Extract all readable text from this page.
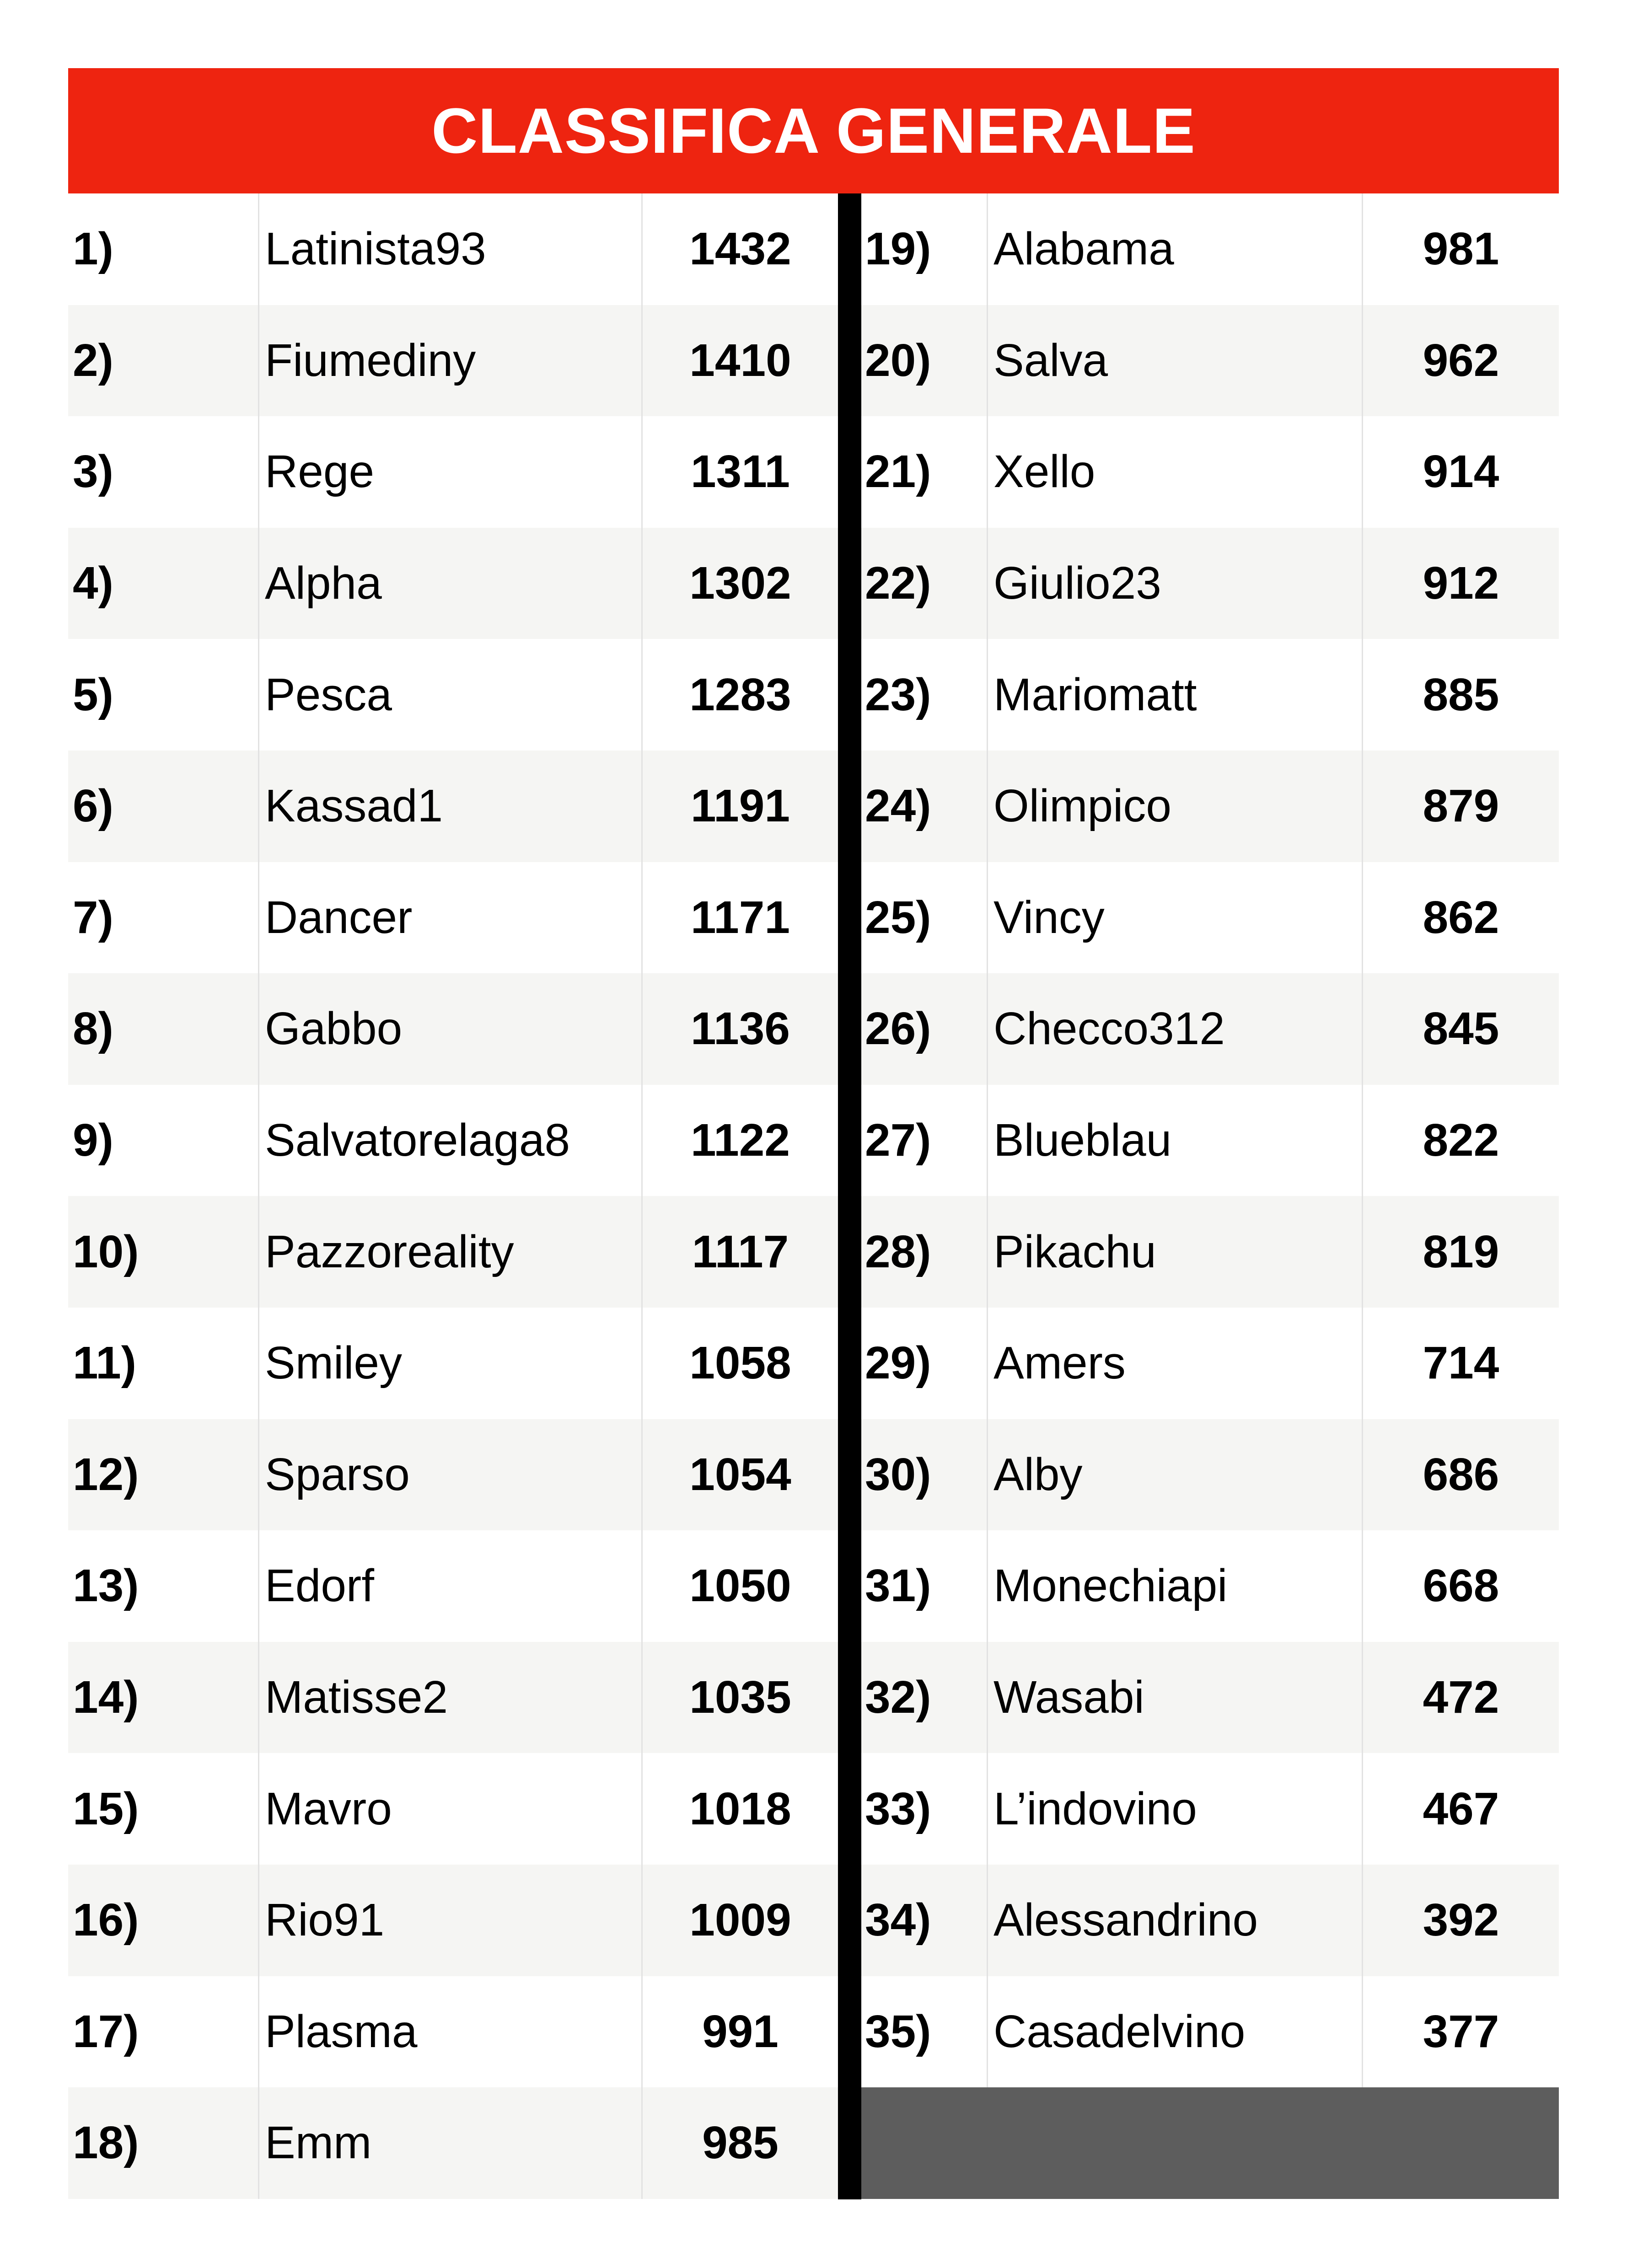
CLASSIFICA GENERALE
1)	Latinista93	1432
2)	Fiumediny	1410
3)	Rege	1311
4)	Alpha	1302
5)	Pesca	1283
6)	Kassad1	1191
7)	Dancer	1171
8)	Gabbo	1136
9)	Salvatorelaga8	1122
10)	Pazzoreality	1117
11)	Smiley	1058
12)	Sparso	1054
13)	Edorf	1050
14)	Matisse2	1035
15)	Mavro	1018
16)	Rio91	1009
17)	Plasma	991
18)	Emm	985
19)	Alabama	981
20)	Salva	962
21)	Xello	914
22)	Giulio23	912
23)	Mariomatt	885
24)	Olimpico	879
25)	Vincy	862
26)	Checco312	845
27)	Blueblau	822
28)	Pikachu	819
29)	Amers	714
30)	Alby	686
31)	Monechiapi	668
32)	Wasabi	472
33)	L’indovino	467
34)	Alessandrino	392
35)	Casadelvino	377
